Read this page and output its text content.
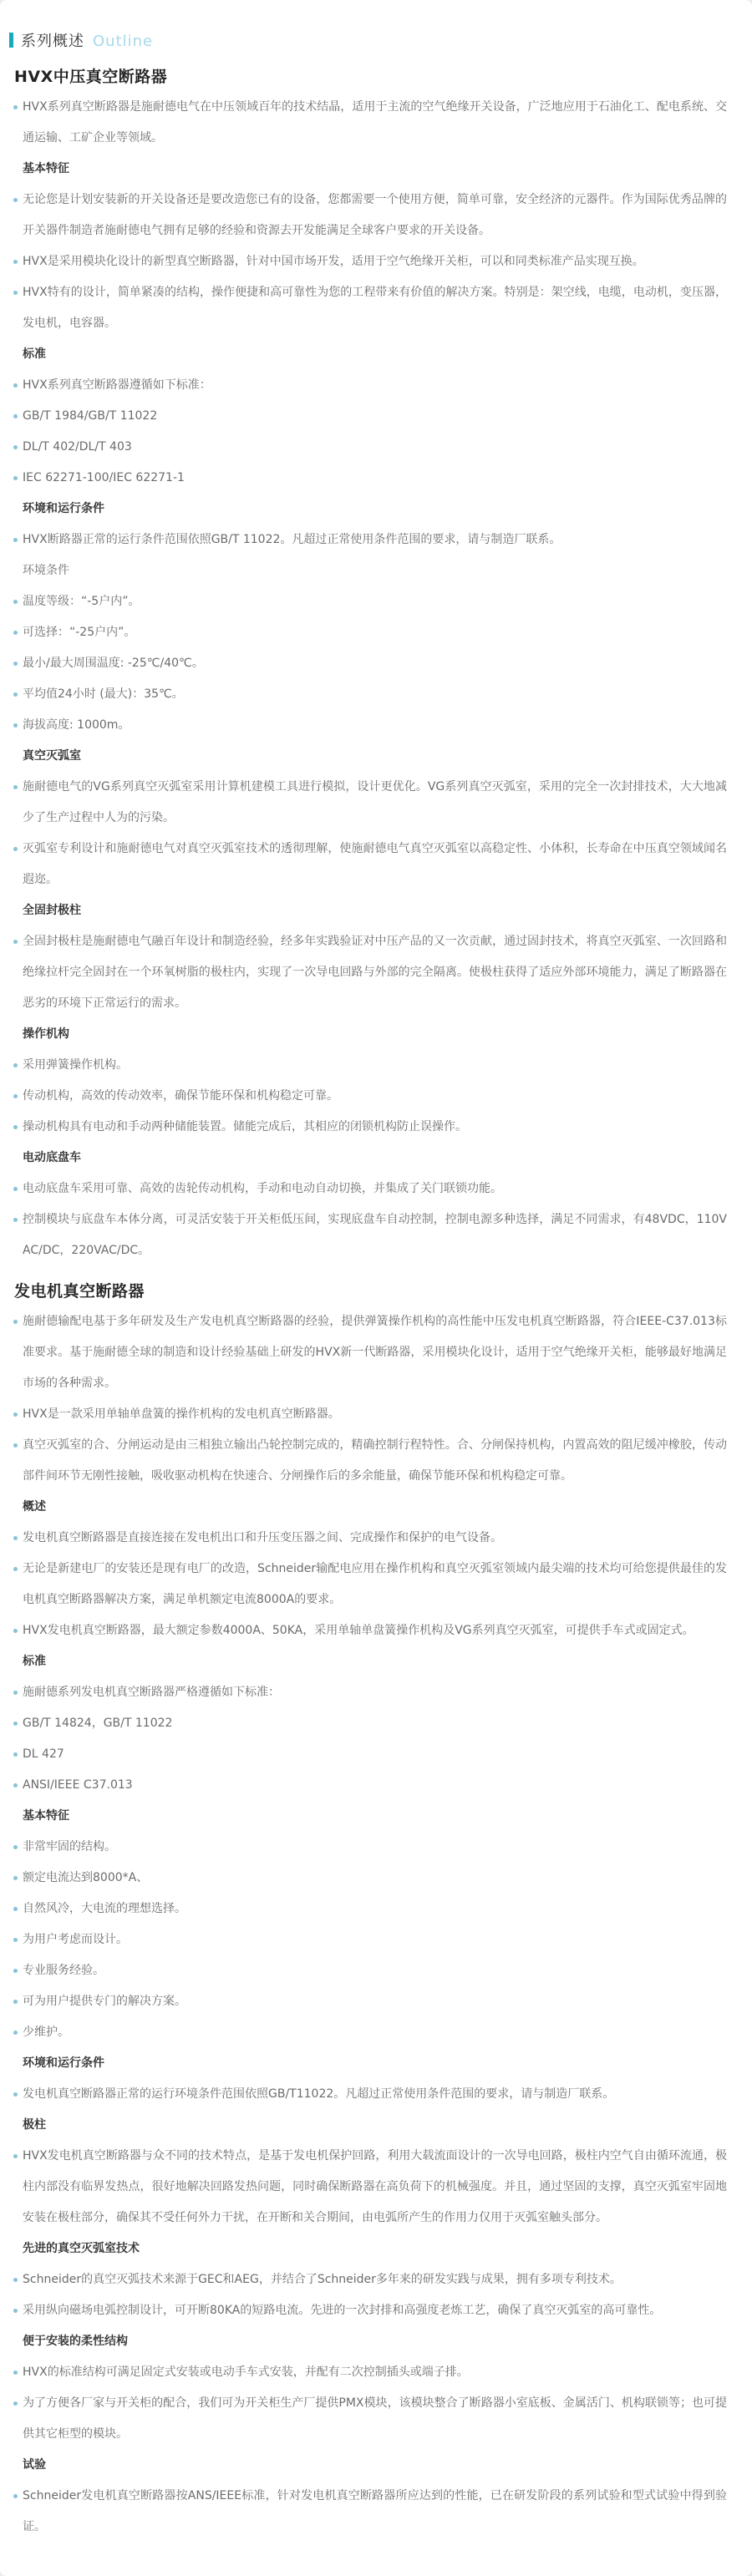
系列概述 Outline
HVX中压真空断路器
HVX系列真空断路器是施耐德电气在中压领域百年的技术结晶，适用于主流的空气绝缘开关设备，广泛地应用于石油化工、配电系统、交通运输、工矿企业等领域。
基本特征
无论您是计划安装新的开关设备还是要改造您已有的设备，您都需要一个使用方便，简单可靠，安全经济的元器件。作为国际优秀品牌的开关器件制造者施耐德电气拥有足够的经验和资源去开发能满足全球客户要求的开关设备。
HVX是采用模块化设计的新型真空断路器，针对中国市场开发，适用于空气绝缘开关柜，可以和同类标准产品实现互换。
HVX特有的设计，简单紧凑的结构，操作便捷和高可靠性为您的工程带来有价值的解决方案。特别是：架空线，电缆，电动机，变压器，发电机，电容器。
标准
HVX系列真空断路器遵循如下标准：
GB/T 1984/GB/T 11022
DL/T 402/DL/T 403
IEC 62271-100/IEC 62271-1
环境和运行条件
HVX断路器正常的运行条件范围依照GB/T 11022。凡超过正常使用条件范围的要求，请与制造厂联系。
环境条件
温度等级：“-5户内”。
可选择：“-25户内”。
最小/最大周围温度: -25℃/40℃。
平均值24小时 (最大)：35℃。
海拔高度: 1000m。
真空灭弧室
施耐德电气的VG系列真空灭弧室采用计算机建模工具进行模拟，设计更优化。VG系列真空灭弧室，采用的完全一次封排技术，大大地减少了生产过程中人为的污染。
灭弧室专利设计和施耐德电气对真空灭弧室技术的透彻理解，使施耐德电气真空灭弧室以高稳定性、小体积，长寿命在中压真空领域闻名遐迩。
全固封极柱
全固封极柱是施耐德电气融百年设计和制造经验，经多年实践验证对中压产品的又一次贡献，通过固封技术，将真空灭弧室、一次回路和绝缘拉杆完全固封在一个环氧树脂的极柱内，实现了一次导电回路与外部的完全隔离。使极柱获得了适应外部环境能力，满足了断路器在恶劣的环境下正常运行的需求。
操作机构
采用弹簧操作机构。
传动机构，高效的传动效率，确保节能环保和机构稳定可靠。
操动机构具有电动和手动两种储能装置。储能完成后，其相应的闭锁机构防止误操作。
电动底盘车
电动底盘车采用可靠、高效的齿轮传动机构，手动和电动自动切换，并集成了关门联锁功能。
控制模块与底盘车本体分离，可灵活安装于开关柜低压间，实现底盘车自动控制，控制电源多种选择，满足不同需求，有48VDC，110V AC/DC，220VAC/DC。
发电机真空断路器
施耐德输配电基于多年研发及生产发电机真空断路器的经验，提供弹簧操作机构的高性能中压发电机真空断路器，符合IEEE-C37.013标准要求。基于施耐德全球的制造和设计经验基础上研发的HVX新一代断路器，采用模块化设计，适用于空气绝缘开关柜，能够最好地满足市场的各种需求。
HVX是一款采用单轴单盘簧的操作机构的发电机真空断路器。
真空灭弧室的合、分闸运动是由三相独立输出凸轮控制完成的，精确控制行程特性。合、分闸保持机构，内置高效的阻尼缓冲橡胶，传动部件间环节无刚性接触，吸收驱动机构在快速合、分闸操作后的多余能量，确保节能环保和机构稳定可靠。
概述
发电机真空断路器是直接连接在发电机出口和升压变压器之间、完成操作和保护的电气设备。
无论是新建电厂的安装还是现有电厂的改造，Schneider输配电应用在操作机构和真空灭弧室领域内最尖端的技术均可给您提供最佳的发电机真空断路器解决方案，满足单机额定电流8000A的要求。
HVX发电机真空断路器，最大额定参数4000A、50KA，采用单轴单盘簧操作机构及VG系列真空灭弧室，可提供手车式或固定式。
标准
施耐德系列发电机真空断路器严格遵循如下标准：
GB/T 14824，GB/T 11022
DL 427
ANSI/IEEE C37.013
基本特征
非常牢固的结构。
额定电流达到8000*A、
自然风冷，大电流的理想选择。
为用户考虑而设计。
专业服务经验。
可为用户提供专门的解决方案。
少维护。
环境和运行条件
发电机真空断路器正常的运行环境条件范围依照GB/T11022。凡超过正常使用条件范围的要求，请与制造厂联系。
极柱
HVX发电机真空断路器与众不同的技术特点，是基于发电机保护回路，利用大载流面设计的一次导电回路，极柱内空气自由循环流通，极柱内部没有临界发热点，很好地解决回路发热问题，同时确保断路器在高负荷下的机械强度。并且，通过坚固的支撑，真空灭弧室牢固地安装在极柱部分，确保其不受任何外力干扰，在开断和关合期间，由电弧所产生的作用力仅用于灭弧室触头部分。
先进的真空灭弧室技术
Schneider的真空灭弧技术来源于GEC和AEG，并结合了Schneider多年来的研发实践与成果，拥有多项专利技术。
采用纵向磁场电弧控制设计，可开断80KA的短路电流。先进的一次封排和高强度老炼工艺，确保了真空灭弧室的高可靠性。
便于安装的柔性结构
HVX的标准结构可满足固定式安装或电动手车式安装，并配有二次控制插头或端子排。
为了方便各厂家与开关柜的配合，我们可为开关柜生产厂提供PMX模块，该模块整合了断路器小室底板、金属活门、机构联锁等；也可提供其它柜型的模块。
试验
Schneider发电机真空断路器按ANS/IEEE标准，针对发电机真空断路器所应达到的性能，已在研发阶段的系列试验和型式试验中得到验证。
